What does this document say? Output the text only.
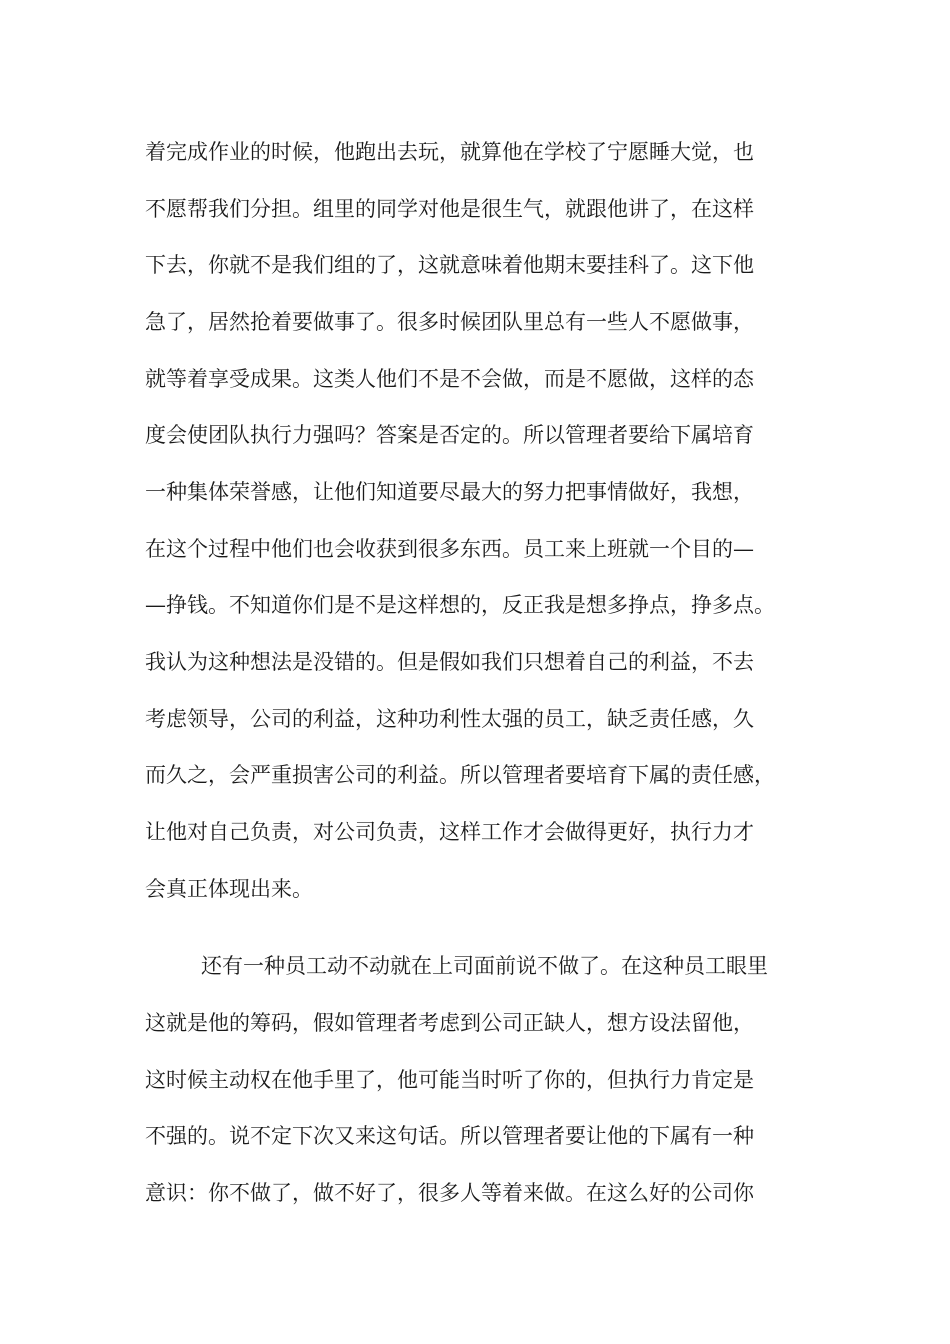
着完成作业的时候，他跑出去玩，就算他在学校了宁愿睡大觉，也
不愿帮我们分担。组里的同学对他是很生气，就跟他讲了，在这样
下去，你就不是我们组的了，这就意味着他期末要挂科了。这下他
急了，居然抢着要做事了。很多时候团队里总有一些人不愿做事，
就等着享受成果。这类人他们不是不会做，而是不愿做，这样的态
度会使团队执行力强吗？答案是否定的。所以管理者要给下属培育
一种集体荣誉感，让他们知道要尽最大的努力把事情做好，我想，
在这个过程中他们也会收获到很多东西。员工来上班就一个目的—
—挣钱。不知道你们是不是这样想的，反正我是想多挣点，挣多点。
我认为这种想法是没错的。但是假如我们只想着自己的利益，不去
考虑领导，公司的利益，这种功利性太强的员工，缺乏责任感，久
而久之，会严重损害公司的利益。所以管理者要培育下属的责任感，
让他对自己负责，对公司负责，这样工作才会做得更好，执行力才
会真正体现出来。
还有一种员工动不动就在上司面前说不做了。在这种员工眼里
这就是他的筹码，假如管理者考虑到公司正缺人，想方设法留他，
这时候主动权在他手里了，他可能当时听了你的，但执行力肯定是
不强的。说不定下次又来这句话。所以管理者要让他的下属有一种
意识：你不做了，做不好了，很多人等着来做。在这么好的公司你
